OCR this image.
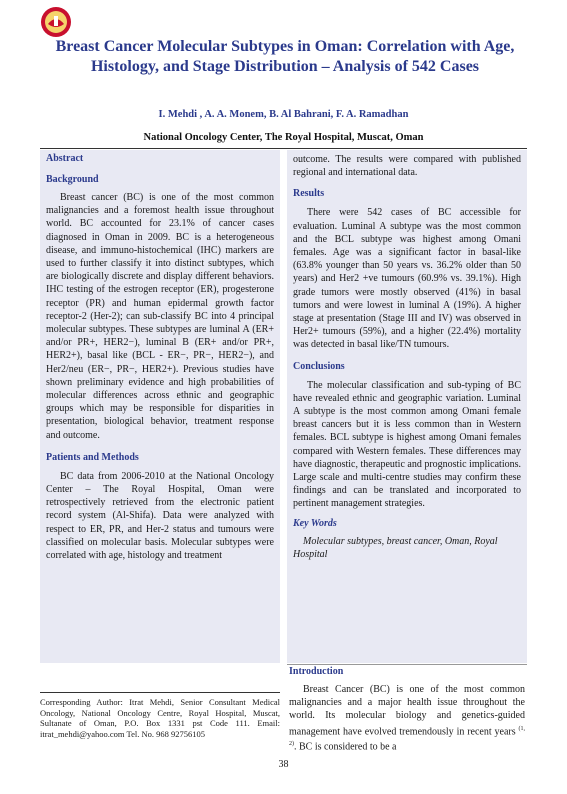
Breast Cancer Molecular Subtypes in Oman: Correlation with Age, Histology, and Stage Distribution – Analysis of 542 Cases
I. Mehdi , A. A. Monem, B. Al Bahrani, F. A. Ramadhan
National Oncology Center, The Royal Hospital, Muscat, Oman
Abstract
Background

Breast cancer (BC) is one of the most common malignancies and a foremost health issue throughout world. BC accounted for 23.1% of cancer cases diagnosed in Oman in 2009. BC is a heterogeneous disease, and immuno-histochemical (IHC) markers are used to further classify it into distinct subtypes, which are biologically discrete and display different behaviors. IHC testing of the estrogen receptor (ER), progesterone receptor (PR) and human epidermal growth factor receptor-2 (Her-2); can sub-classify BC into 4 principal molecular subtypes. These subtypes are luminal A (ER+ and/or PR+, HER2−), luminal B (ER+ and/or PR+, HER2+), basal like (BCL - ER−, PR−, HER2−), and Her2/neu (ER−, PR−, HER2+). Previous studies have shown preliminary evidence and high probabilities of molecular differences across ethnic and geographic groups which may be responsible for disparities in presentation, biological behavior, treatment response and outcome.

Patients and Methods

BC data from 2006-2010 at the National Oncology Center – The Royal Hospital, Oman were retrospectively retrieved from the electronic patient record system (Al-Shifa). Data were analyzed with respect to ER, PR, and Her-2 status and tumours were classified on molecular basis. Molecular subtypes were correlated with age, histology and treatment

outcome. The results were compared with published regional and international data.

Results

There were 542 cases of BC accessible for evaluation. Luminal A subtype was the most common and the BCL subtype was highest among Omani females. Age was a significant factor in basal-like (63.8% younger than 50 years vs. 36.2% older than 50 years) and Her2 +ve tumours (60.9% vs. 39.1%). High grade tumors were mostly observed (41%) in basal tumors and were lowest in luminal A (19%). A higher stage at presentation (Stage III and IV) was observed in Her2+ tumours (59%), and a higher (22.4%) mortality was detected in basal like/TN tumours.

Conclusions

The molecular classification and sub-typing of BC have revealed ethnic and geographic variation. Luminal A subtype is the most common among Omani female breast cancers but it is less common than in Western females. BCL subtype is highest among Omani females compared with Western females. These differences may have diagnostic, therapeutic and prognostic implications. Large scale and multi-centre studies may confirm these findings and can be translated and incorporated to pertinent management strategies.

Key Words

Molecular subtypes, breast cancer, Oman, Royal Hospital

Introduction

Breast Cancer (BC) is one of the most common malignancies and a major health issue throughout the world. Its molecular biology and genetics-guided management have evolved tremendously in recent years $^{(1, 2)}$. BC is considered to be a

Corresponding Author: Itrat Mehdi, Senior Consultant Medical Oncology, National Oncology Centre, Royal Hospital, Muscat, Sultanate of Oman, P.O. Box 1331 pst Code 111. Email: itrat_mehdi@yahoo.com Tel. No. 968 92756105

38
